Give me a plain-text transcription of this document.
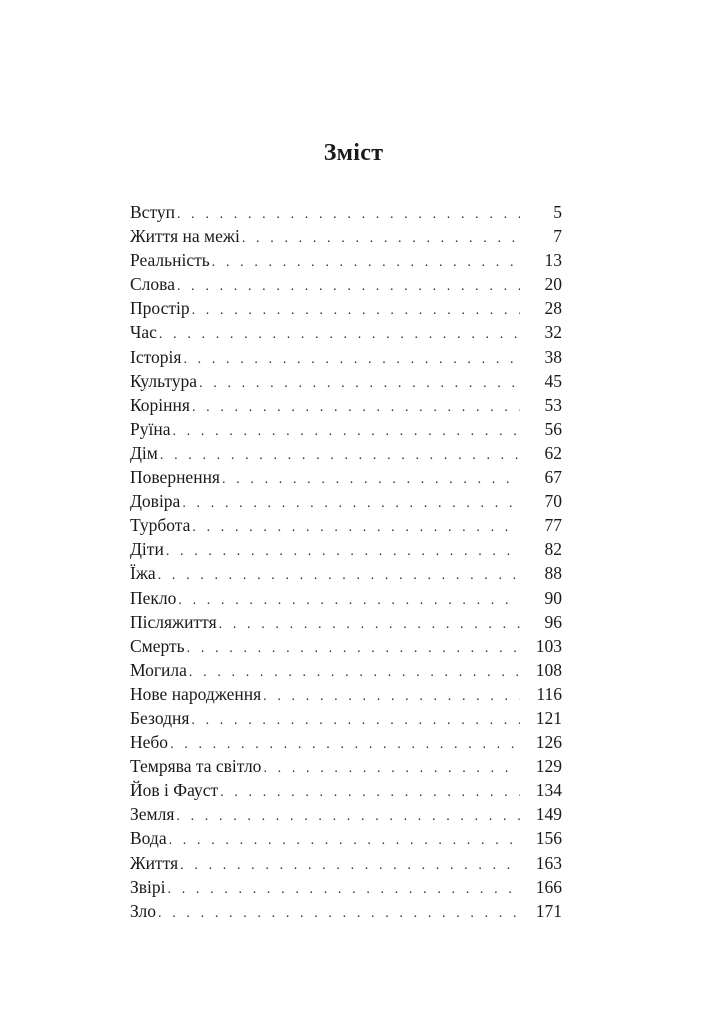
Зміст
Вступ . . .	5
Життя на межі . . .	7
Реальність . . .	13
Слова . . .	20
Простір . . .	28
Час . . .	32
Історія . . .	38
Культура . . .	45
Коріння . . .	53
Руїна . . .	56
Дім . . .	62
Повернення . . .	67
Довіра . . .	70
Турбота . . .	77
Діти . . .	82
Їжа . . .	88
Пекло . . .	90
Післяжиття . . .	96
Смерть . . .	103
Могила . . .	108
Нове народження . . .	116
Безодня . . .	121
Небо . . .	126
Темрява та світло . . .	129
Йов і Фауст . . .	134
Земля . . .	149
Вода . . .	156
Життя . . .	163
Звірі . . .	166
Зло . . .	171
